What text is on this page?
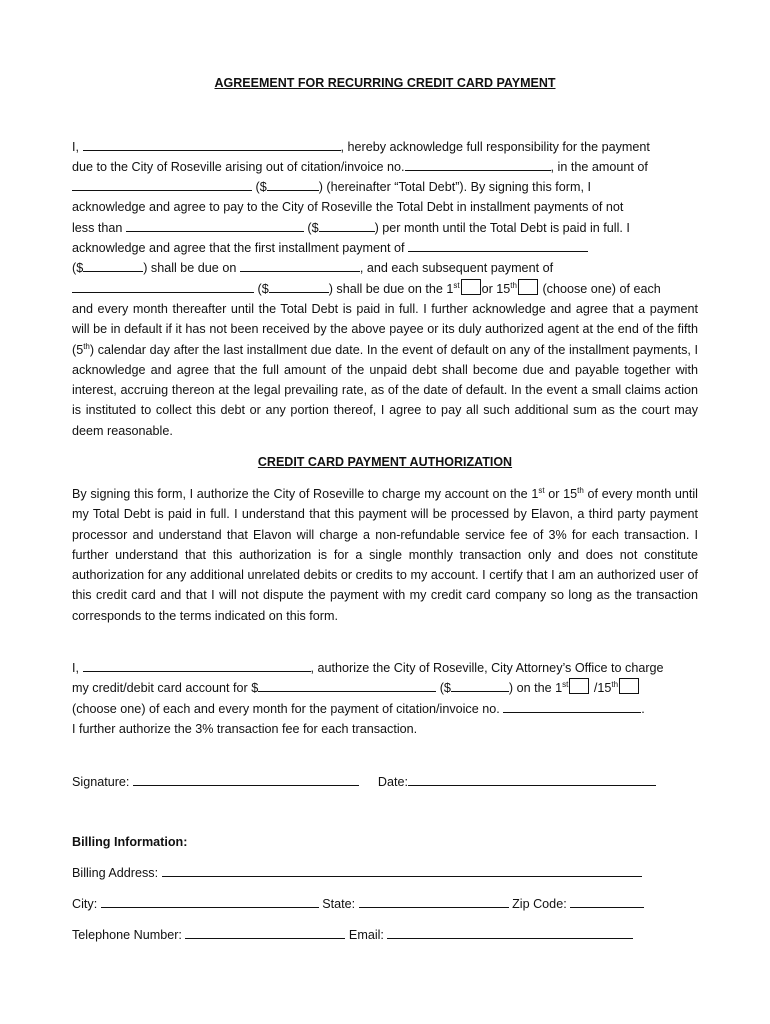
AGREEMENT FOR RECURRING CREDIT CARD PAYMENT
I,	, hereby acknowledge full responsibility for the payment
due to the City of Roseville arising out of citation/invoice no.	, in the amount of
($	) (hereinafter “Total Debt”). By signing this form, I
acknowledge and agree to pay to the City of Roseville the Total Debt in installment payments of not
less than	($	) per month until the Total Debt is paid in full. I
acknowledge and agree that the first installment payment of
($	) shall be due on	, and each subsequent payment of
($	) shall be due on the 1st or 15th (choose one) of each
and every month thereafter until the Total Debt is paid in full. I further acknowledge and agree that a payment will be in default if it has not been received by the above payee or its duly authorized agent at the end of the fifth (5th) calendar day after the last installment due date. In the event of default on any of the installment payments, I acknowledge and agree that the full amount of the unpaid debt shall become due and payable together with interest, accruing thereon at the legal prevailing rate, as of the date of default. In the event a small claims action is instituted to collect this debt or any portion thereof, I agree to pay all such additional sum as the court may deem reasonable.
CREDIT CARD PAYMENT AUTHORIZATION
By signing this form, I authorize the City of Roseville to charge my account on the 1st or 15th of every month until my Total Debt is paid in full. I understand that this payment will be processed by Elavon, a third party payment processor and understand that Elavon will charge a non-refundable service fee of 3% for each transaction. I further understand that this authorization is for a single monthly transaction only and does not constitute authorization for any additional unrelated debits or credits to my account. I certify that I am an authorized user of this credit card and that I will not dispute the payment with my credit card company so long as the transaction corresponds to the terms indicated on this form.
I,	, authorize the City of Roseville, City Attorney’s Office to charge
my credit/debit card account for $	($	) on the 1st /15th
(choose one) of each and every month for the payment of citation/invoice no.	.
I further authorize the 3% transaction fee for each transaction.
Signature:	Date:
Billing Information:
Billing Address:
City:	State:	Zip Code:
Telephone Number:	Email:
